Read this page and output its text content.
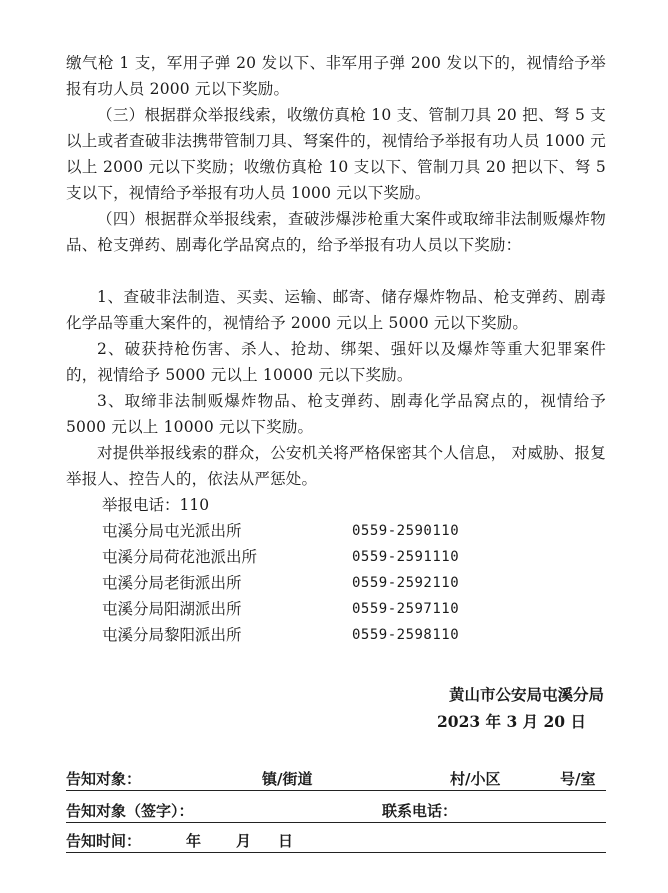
缴气枪 1 支，军用子弹 20 发以下、非军用子弹 200 发以下的，视情给予举报有功人员 2000 元以下奖励。

（三）根据群众举报线索，收缴仿真枪 10 支、管制刀具 20 把、弩 5 支以上或者查破非法携带管制刀具、弩案件的，视情给予举报有功人员 1000 元以上 2000 元以下奖励；收缴仿真枪 10 支以下、管制刀具 20 把以下、弩 5 支以下，视情给予举报有功人员 1000 元以下奖励。

（四）根据群众举报线索，查破涉爆涉枪重大案件或取缔非法制贩爆炸物品、枪支弹药、剧毒化学品窝点的，给予举报有功人员以下奖励：

1、查破非法制造、买卖、运输、邮寄、储存爆炸物品、枪支弹药、剧毒化学品等重大案件的，视情给予 2000 元以上 5000 元以下奖励。

2、破获持枪伤害、杀人、抢劫、绑架、强奸以及爆炸等重大犯罪案件的，视情给予 5000 元以上 10000 元以下奖励。

3、取缔非法制贩爆炸物品、枪支弹药、剧毒化学品窝点的，视情给予 5000 元以上 10000 元以下奖励。

对提供举报线索的群众，公安机关将严格保密其个人信息， 对威胁、报复举报人、控告人的，依法从严惩处。

举报电话：110
屯溪分局屯光派出所	0559-2590110
屯溪分局荷花池派出所	0559-2591110
屯溪分局老街派出所	0559-2592110
屯溪分局阳湖派出所	0559-2597110
屯溪分局黎阳派出所	0559-2598110
黄山市公安局屯溪分局
2023 年 3 月 20 日
告知对象：	镇/街道	村/小区	号/室
告知对象（签字）：	联系电话：
告知时间：	年 月 日
